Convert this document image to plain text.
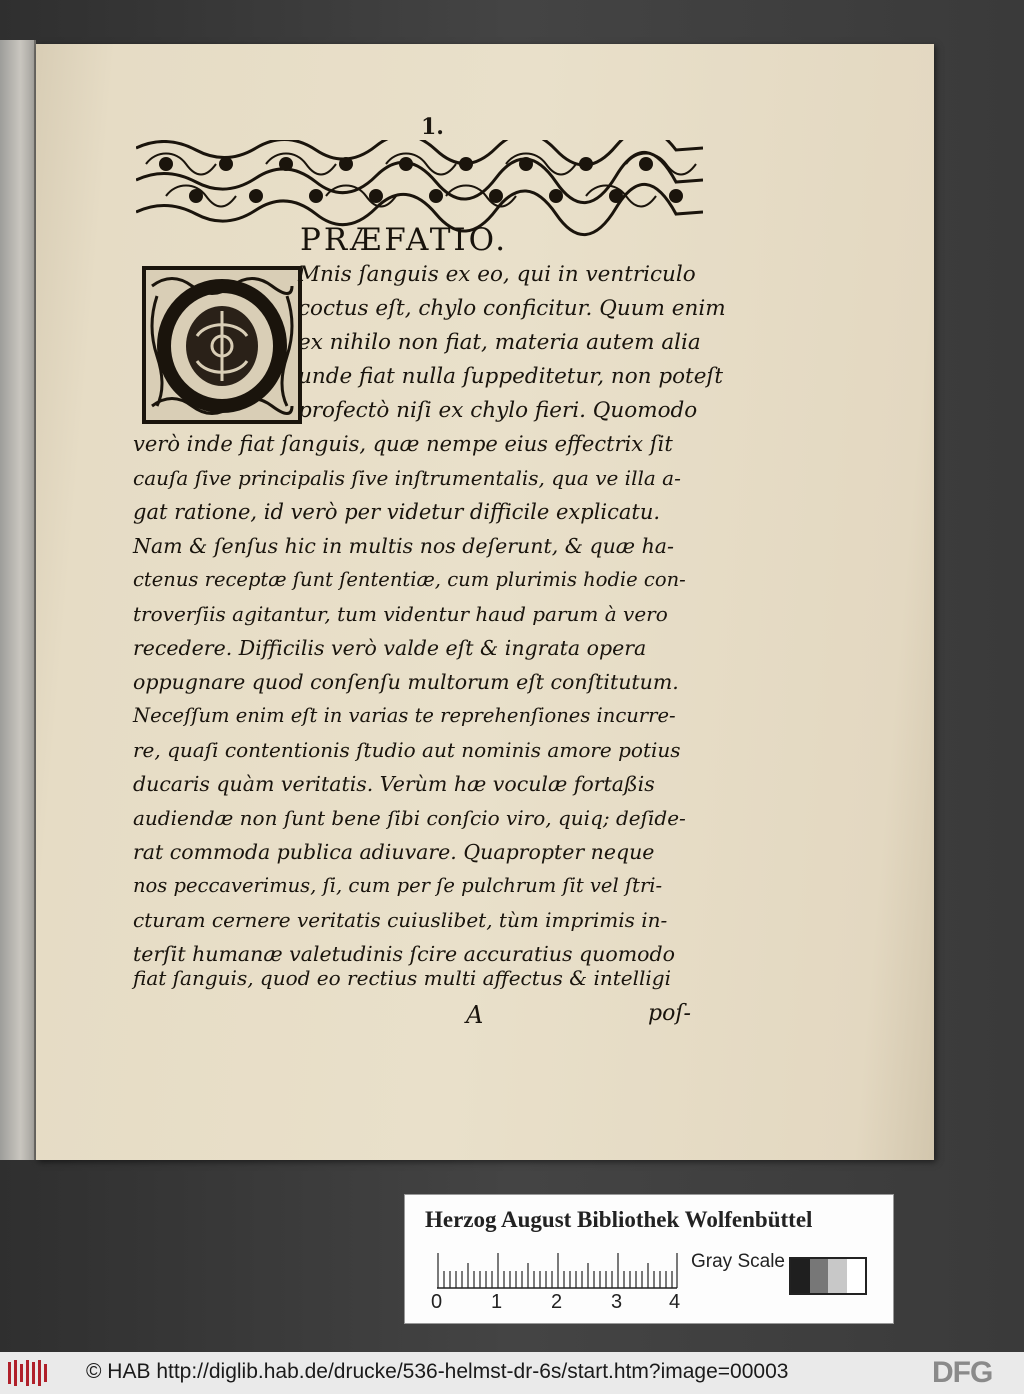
1.
PRÆFATIO.
Mnis ſanguis ex eo, qui in ventriculo
coctus eſt, chylo conficitur. Quum enim
ex nihilo non fiat, materia autem alia
unde fiat nulla ſuppeditetur, non poteſt
profectò niſi ex chylo fieri. Quomodo
verò inde fiat ſanguis, quæ nempe eius effectrix ſit
cauſa ſive principalis ſive inſtrumentalis, qua ve illa a-
gat ratione, id verò per videtur difficile explicatu.
Nam & ſenſus hic in multis nos deſerunt, & quæ ha-
ctenus receptæ ſunt ſententiæ, cum plurimis hodie con-
troverſiis agitantur, tum videntur haud parum à vero
recedere. Difficilis verò valde eſt & ingrata opera
oppugnare quod conſenſu multorum eſt conſtitutum.
Neceſſum enim eſt in varias te reprehenſiones incurre-
re, quaſi contentionis ſtudio aut nominis amore potius
ducaris quàm veritatis. Verùm hæ voculæ fortaßis
audiendæ non ſunt bene ſibi conſcio viro, quiq; deſide-
rat commoda publica adiuvare. Quapropter neque
nos peccaverimus, ſi, cum per ſe pulchrum ſit vel ſtri-
cturam cernere veritatis cuiuslibet, tùm imprimis in-
terſit humanæ valetudinis ſcire accuratius quomodo
fiat ſanguis, quod eo rectius multi affectus & intelligi
A	poſ-
Herzog August Bibliothek Wolfenbüttel
0 1 2 3 4
Gray Scale
© HAB http://diglib.hab.de/drucke/536-helmst-dr-6s/start.htm?image=00003	DFG
